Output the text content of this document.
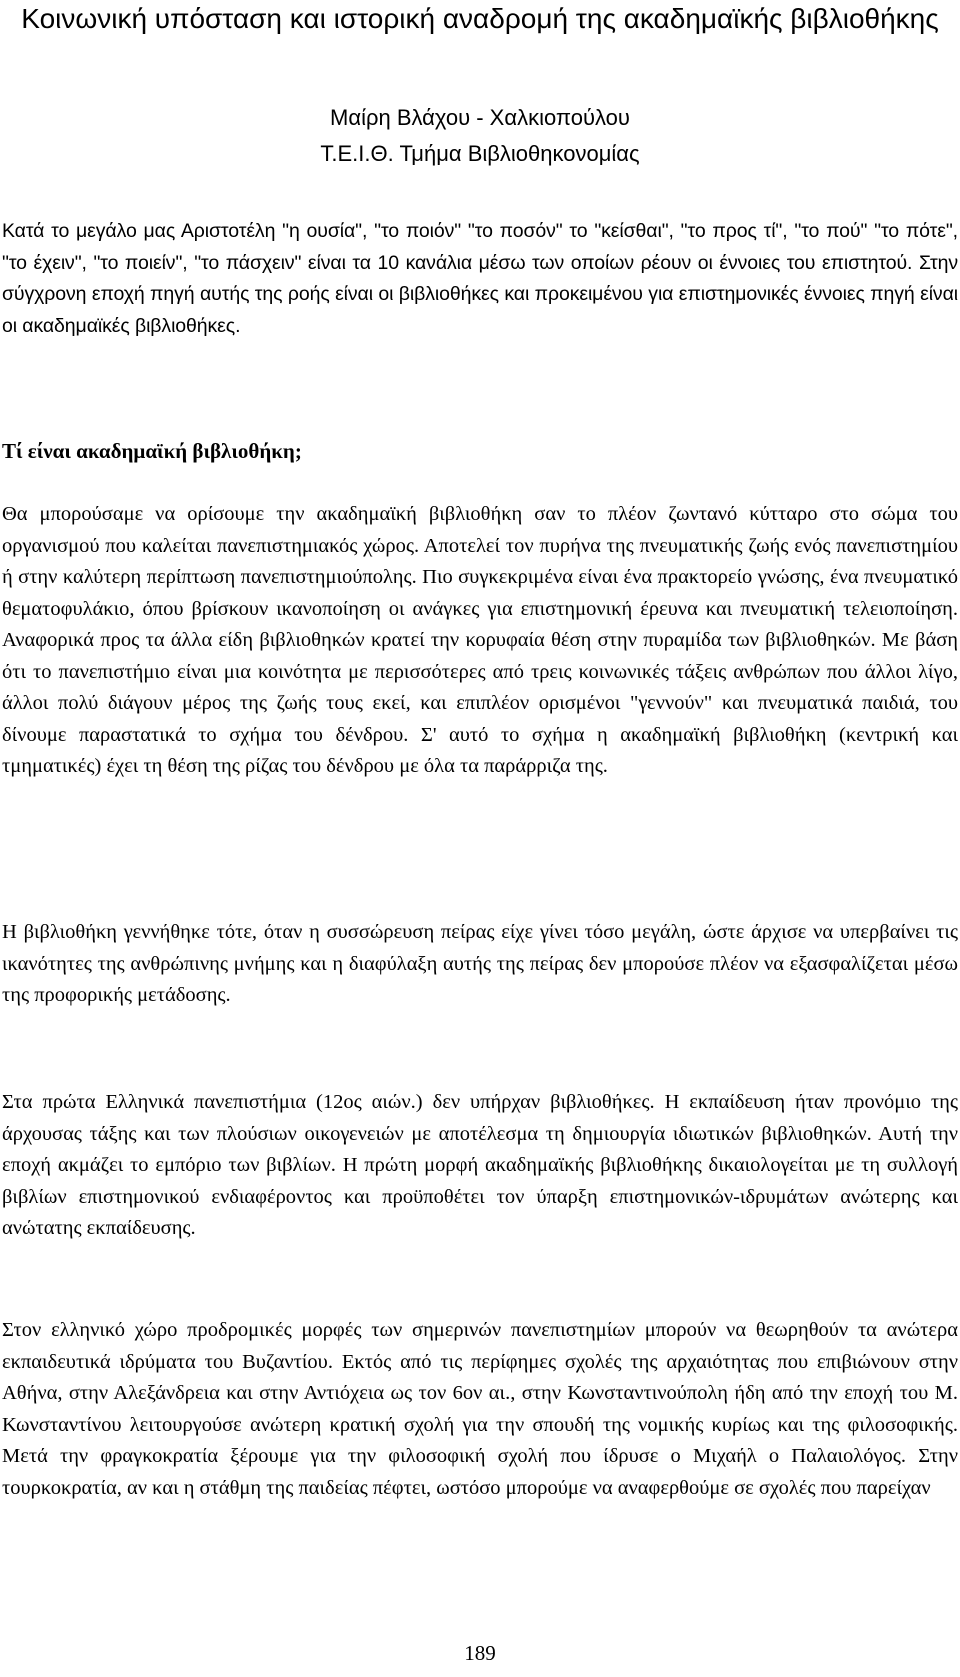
Κοινωνική υπόσταση και ιστορική αναδρομή της ακαδημαϊκής βιβλιοθήκης
Μαίρη Βλάχου - Χαλκιοπούλου
Τ.Ε.Ι.Θ. Τμήμα Βιβλιοθηκονομίας

Κατά το μεγάλο μας Αριστοτέλη "η ουσία", "το ποιόν" "το ποσόν" το "κείσθαι", "το προς τί", "το πού" "το πότε", "το έχειν", "το ποιείν", "το πάσχειν" είναι τα 10 κανάλια μέσω των οποίων ρέουν οι έννοιες του επιστητού. Στην σύγχρονη εποχή πηγή αυτής της ροής είναι οι βιβλιοθήκες και προκειμένου για επιστημονικές έννοιες πηγή είναι οι ακαδημαϊκές βιβλιοθήκες.

Τί είναι ακαδημαϊκή βιβλιοθήκη;

Θα μπορούσαμε να ορίσουμε την ακαδημαϊκή βιβλιοθήκη σαν το πλέον ζωντανό κύτταρο στο σώμα του οργανισμού που καλείται πανεπιστημιακός χώρος. Αποτελεί τον πυρήνα της πνευματικής ζωής ενός πανεπιστημίου ή στην καλύτερη περίπτωση πανεπιστημιούπολης. Πιο συγκεκριμένα είναι ένα πρακτορείο γνώσης, ένα πνευματικό θεματοφυλάκιο, όπου βρίσκουν ικανοποίηση οι ανάγκες για επιστημονική έρευνα και πνευματική τελειοποίηση. Αναφορικά προς τα άλλα είδη βιβλιοθηκών κρατεί την κορυφαία θέση στην πυραμίδα των βιβλιοθηκών. Με βάση ότι το πανεπιστήμιο είναι μια κοινότητα με περισσότερες από τρεις κοινωνικές τάξεις ανθρώπων που άλλοι λίγο, άλλοι πολύ διάγουν μέρος της ζωής τους εκεί, και επιπλέον ορισμένοι "γεννούν" και πνευματικά παιδιά, του δίνουμε παραστατικά το σχήμα του δένδρου. Σ' αυτό το σχήμα η ακαδημαϊκή βιβλιοθήκη (κεντρική και τμηματικές) έχει τη θέση της ρίζας του δένδρου με όλα τα παράρριζα της.

Η βιβλιοθήκη γεννήθηκε τότε, όταν η συσσώρευση πείρας είχε γίνει τόσο μεγάλη, ώστε άρχισε να υπερβαίνει τις ικανότητες της ανθρώπινης μνήμης και η διαφύλαξη αυτής της πείρας δεν μπορούσε πλέον να εξασφαλίζεται μέσω της προφορικής μετάδοσης.

Στα πρώτα Ελληνικά πανεπιστήμια (12ος αιών.) δεν υπήρχαν βιβλιοθήκες. Η εκπαίδευση ήταν προνόμιο της άρχουσας τάξης και των πλούσιων οικογενειών με αποτέλεσμα τη δημιουργία ιδιωτικών βιβλιοθηκών. Αυτή την εποχή ακμάζει το εμπόριο των βιβλίων. Η πρώτη μορφή ακαδημαϊκής βιβλιοθήκης δικαιολογείται με τη συλλογή βιβλίων επιστημονικού ενδιαφέροντος και προϋποθέτει τον ύπαρξη επιστημονικών-ιδρυμάτων ανώτερης και ανώτατης εκπαίδευσης.

Στον ελληνικό χώρο προδρομικές μορφές των σημερινών πανεπιστημίων μπορούν να θεωρηθούν τα ανώτερα εκπαιδευτικά ιδρύματα του Βυζαντίου. Εκτός από τις περίφημες σχολές της αρχαιότητας που επιβιώνουν στην Αθήνα, στην Αλεξάνδρεια και στην Αντιόχεια ως τον 6ον αι., στην Κωνσταντινούπολη ήδη από την εποχή του Μ. Κωνσταντίνου λειτουργούσε ανώτερη κρατική σχολή για την σπουδή της νομικής κυρίως και της φιλοσοφικής. Μετά την φραγκοκρατία ξέρουμε για την φιλοσοφική σχολή που ίδρυσε ο Μιχαήλ ο Παλαιολόγος. Στην τουρκοκρατία, αν και η στάθμη της παιδείας πέφτει, ωστόσο μπορούμε να αναφερθούμε σε σχολές που παρείχαν

189
